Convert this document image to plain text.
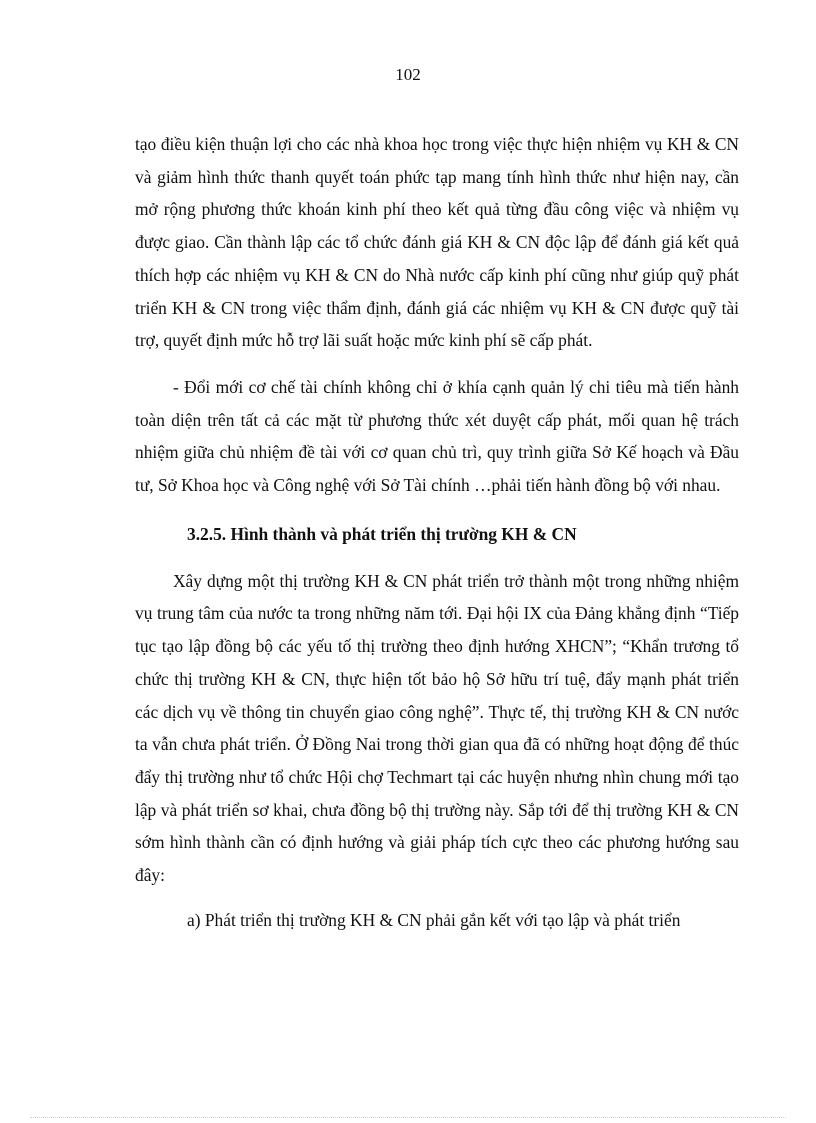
102

tạo điều kiện thuận lợi cho các nhà khoa học trong việc thực hiện nhiệm vụ KH & CN và giảm hình thức thanh quyết toán phức tạp mang tính hình thức như hiện nay, cần mở rộng phương thức khoán kinh phí theo kết quả từng đầu công việc và nhiệm vụ được giao. Cần thành lập các tổ chức đánh giá KH & CN độc lập để đánh giá kết quả thích hợp các nhiệm vụ KH & CN do Nhà nước cấp kinh phí cũng như giúp quỹ phát triển KH & CN trong việc thẩm định, đánh giá các nhiệm vụ KH & CN được quỹ tài trợ, quyết định mức hỗ trợ lãi suất hoặc mức kinh phí sẽ cấp phát.

- Đổi mới cơ chế tài chính không chỉ ở khía cạnh quản lý chi tiêu mà tiến hành toàn diện trên tất cả các mặt từ phương thức xét duyệt cấp phát, mối quan hệ trách nhiệm giữa chủ nhiệm đề tài với cơ quan chủ trì, quy trình giữa Sở Kế hoạch và Đầu tư, Sở Khoa học và Công nghệ với Sở Tài chính …phải tiến hành đồng bộ với nhau.

3.2.5. Hình thành và phát triển thị trường KH & CN

Xây dựng một thị trường KH & CN phát triển trở thành một trong những nhiệm vụ trung tâm của nước ta trong những năm tới. Đại hội IX của Đảng khẳng định “Tiếp tục tạo lập đồng bộ các yếu tố thị trường theo định hướng XHCN”; “Khẩn trương tổ chức thị trường KH & CN, thực hiện tốt bảo hộ Sở hữu trí tuệ, đẩy mạnh phát triển các dịch vụ về thông tin chuyển giao công nghệ”. Thực tế, thị trường KH & CN nước ta vẫn chưa phát triển. Ở Đồng Nai trong thời gian qua đã có những hoạt động để thúc đẩy thị trường như tổ chức Hội chợ Techmart tại các huyện nhưng nhìn chung mới tạo lập và phát triển sơ khai, chưa đồng bộ thị trường này. Sắp tới để thị trường KH & CN sớm hình thành cần có định hướng và giải pháp tích cực theo các phương hướng sau đây:

a) Phát triển thị trường KH & CN phải gắn kết với tạo lập và phát triển
